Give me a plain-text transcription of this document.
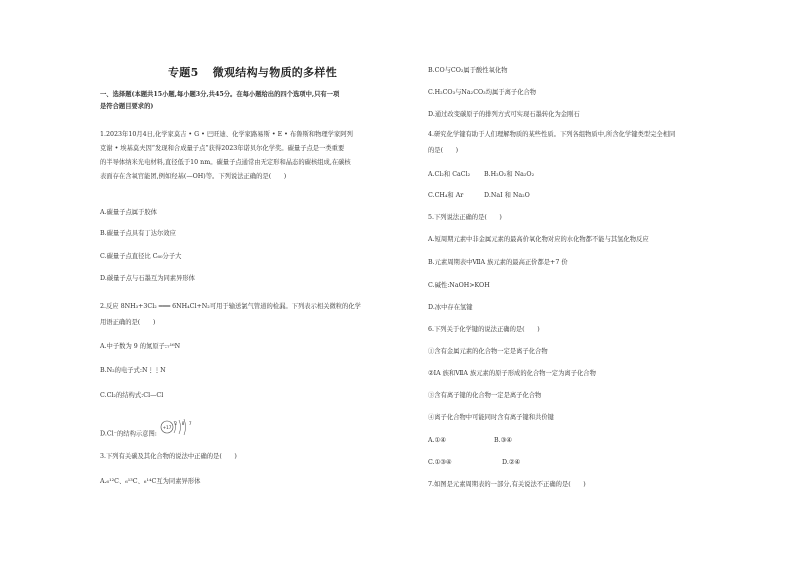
专题5 微观结构与物质的多样性
一、选择题(本题共15小题,每小题3分,共45分。在每小题给出的四个选项中,只有一项
是符合题目要求的)
1.2023年10月4日,化学家莫吉 • G • 巴旺迪、化学家路易斯 • E • 布鲁斯和物理学家阿列
克谢 • 埃基莫夫因“发现和合成量子点”获得2023年诺贝尔化学奖。碳量子点是一类重要
的半导体纳米光电材料,直径低于10 nm。碳量子点通常由无定形和晶态的碳核组成,在碳核
表面存在含氧官能团,例如羟基(—OH)等。下列说法正确的是(　　)
A.碳量子点属于胶体
B.碳量子点具有丁达尔效应
C.碳量子点直径比 C₆₀分子大
D.碳量子点与石墨互为同素异形体
2.反应 8NH₃+3Cl₂ ═══ 6NH₄Cl+N₂可用于输送氯气管道的检漏。下列表示相关微粒的化学
用语正确的是(　　)
A.中子数为 9 的氮原子:₇¹⁶N
B.N₂的电子式:N⋮⋮N
C.Cl₂的结构式:Cl—Cl
D.Cl⁻的结构示意图:
+17
2 8 7
3.下列有关碳及其化合物的说法中正确的是(　　)
A.₆¹²C、₆¹³C、₆¹⁴C互为同素异形体
B.CO与CO₂属于酸性氧化物
C.H₂CO₃与Na₂CO₃均属于离子化合物
D.通过改变碳原子的排列方式可实现石墨转化为金刚石
4.研究化学键有助于人们理解物质的某些性质。下列各组物质中,所含化学键类型完全相同
的是(　　)
A.Cl₂和 CaCl₂ B.H₂O₂和 Na₂O₂
C.CH₄和 Ar	D.NaI 和 Na₂O
5.下列说法正确的是(　　)
A.短周期元素中非金属元素的最高价氧化物对应的水化物都不能与其氢化物反应
B.元素周期表中ⅦA 族元素的最高正价都是+7 价
C.碱性:NaOH>KOH
D.冰中存在氢键
6.下列关于化学键的说法正确的是(　　)
①含有金属元素的化合物一定是离子化合物
②ⅠA 族和ⅦA 族元素的原子形成的化合物一定为离子化合物
③含有离子键的化合物一定是离子化合物
④离子化合物中可能同时含有离子键和共价键
A.①④	B.③④
C.①③④	D.②④
7.如图是元素周期表的一部分,有关说法不正确的是(　　)
